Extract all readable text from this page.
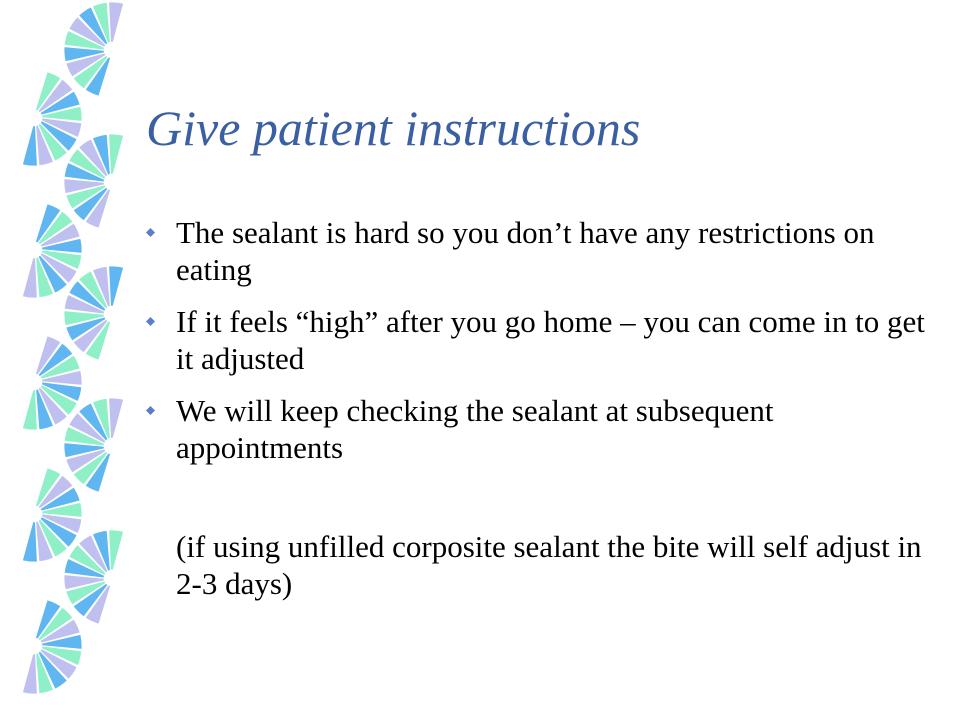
Give patient instructions
The sealant is hard so you don’t have any restrictions on eating
If it feels “high” after you go home – you can come in to get it adjusted
We will keep checking the sealant at subsequent appointments

(if using unfilled corposite sealant the bite will self adjust in 2-3 days)
